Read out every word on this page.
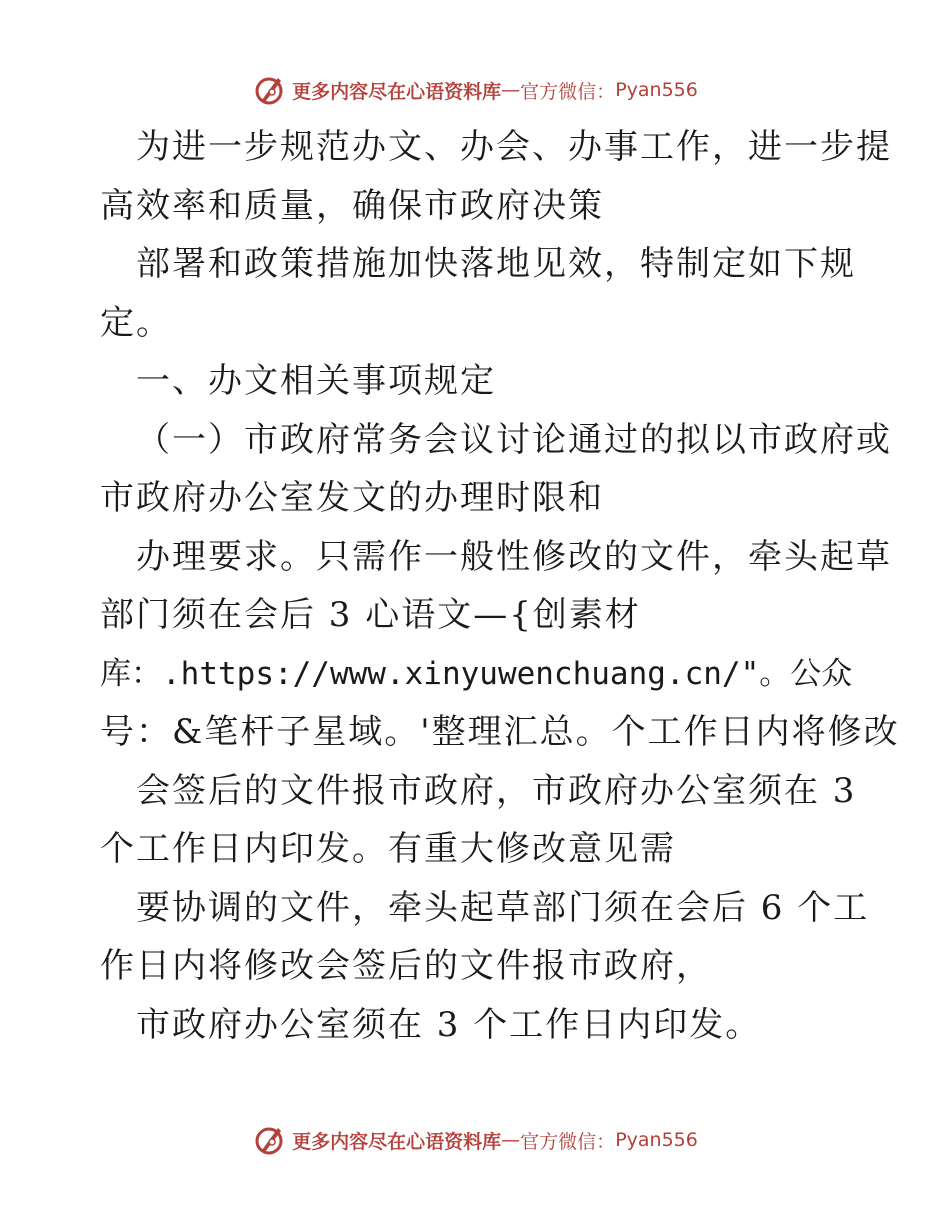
更多内容尽在心语资料库 — 官方微信： Pyan556
为进一步规范办文、办会、办事工作，进一步提
高效率和质量，确保市政府决策
部署和政策措施加快落地见效，特制定如下规
定。
一、办文相关事项规定
（一）市政府常务会议讨论通过的拟以市政府或
市政府办公室发文的办理时限和
办理要求。只需作一般性修改的文件，牵头起草
部门须在会后 3 心语文—{创素材
库：.https://www.xinyuwenchuang.cn/"。公众
号：&笔杆子星域。'整理汇总。个工作日内将修改
会签后的文件报市政府，市政府办公室须在 3
个工作日内印发。有重大修改意见需
要协调的文件，牵头起草部门须在会后 6 个工
作日内将修改会签后的文件报市政府，
市政府办公室须在 3 个工作日内印发。
更多内容尽在心语资料库 — 官方微信： Pyan556
